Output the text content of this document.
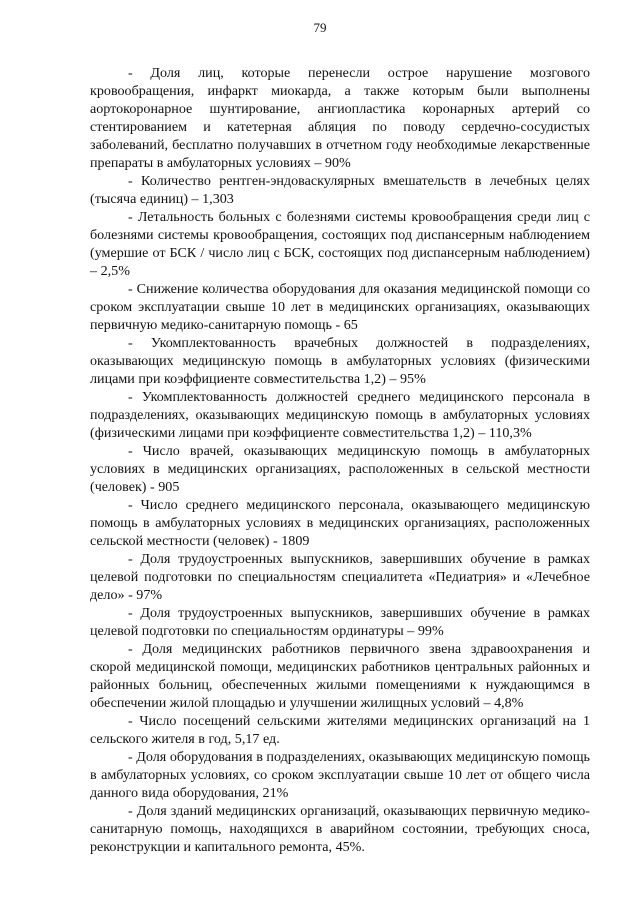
79

- Доля лиц, которые перенесли острое нарушение мозгового кровообращения, инфаркт миокарда, а также которым были выполнены аортокоронарное шунтирование, ангиопластика коронарных артерий со стентированием и катетерная абляция по поводу сердечно-сосудистых заболеваний, бесплатно получавших в отчетном году необходимые лекарственные препараты в амбулаторных условиях – 90%

- Количество рентген-эндоваскулярных вмешательств в лечебных целях (тысяча единиц) – 1,303

- Летальность больных с болезнями системы кровообращения среди лиц с болезнями системы кровообращения, состоящих под диспансерным наблюдением (умершие от БСК / число лиц с БСК, состоящих под диспансерным наблюдением) – 2,5%

- Снижение количества оборудования для оказания медицинской помощи со сроком эксплуатации свыше 10 лет в медицинских организациях, оказывающих первичную медико-санитарную помощь - 65

- Укомплектованность врачебных должностей в подразделениях, оказывающих медицинскую помощь в амбулаторных условиях (физическими лицами при коэффициенте совместительства 1,2) – 95%

- Укомплектованность должностей среднего медицинского персонала в подразделениях, оказывающих медицинскую помощь в амбулаторных условиях (физическими лицами при коэффициенте совместительства 1,2) – 110,3%

- Число врачей, оказывающих медицинскую помощь в амбулаторных условиях в медицинских организациях, расположенных в сельской местности (человек) - 905

- Число среднего медицинского персонала, оказывающего медицинскую помощь в амбулаторных условиях в медицинских организациях, расположенных сельской местности (человек) - 1809

- Доля трудоустроенных выпускников, завершивших обучение в рамках целевой подготовки по специальностям специалитета «Педиатрия» и «Лечебное дело» - 97%

- Доля трудоустроенных выпускников, завершивших обучение в рамках целевой подготовки по специальностям ординатуры – 99%

- Доля медицинских работников первичного звена здравоохранения и скорой медицинской помощи, медицинских работников центральных районных и районных больниц, обеспеченных жилыми помещениями к нуждающимся в обеспечении жилой площадью и улучшении жилищных условий – 4,8%

- Число посещений сельскими жителями медицинских организаций на 1 сельского жителя в год, 5,17 ед.

- Доля оборудования в подразделениях, оказывающих медицинскую помощь в амбулаторных условиях, со сроком эксплуатации свыше 10 лет от общего числа данного вида оборудования, 21%

- Доля зданий медицинских организаций, оказывающих первичную медико-санитарную помощь, находящихся в аварийном состоянии, требующих сноса, реконструкции и капитального ремонта, 45%.
